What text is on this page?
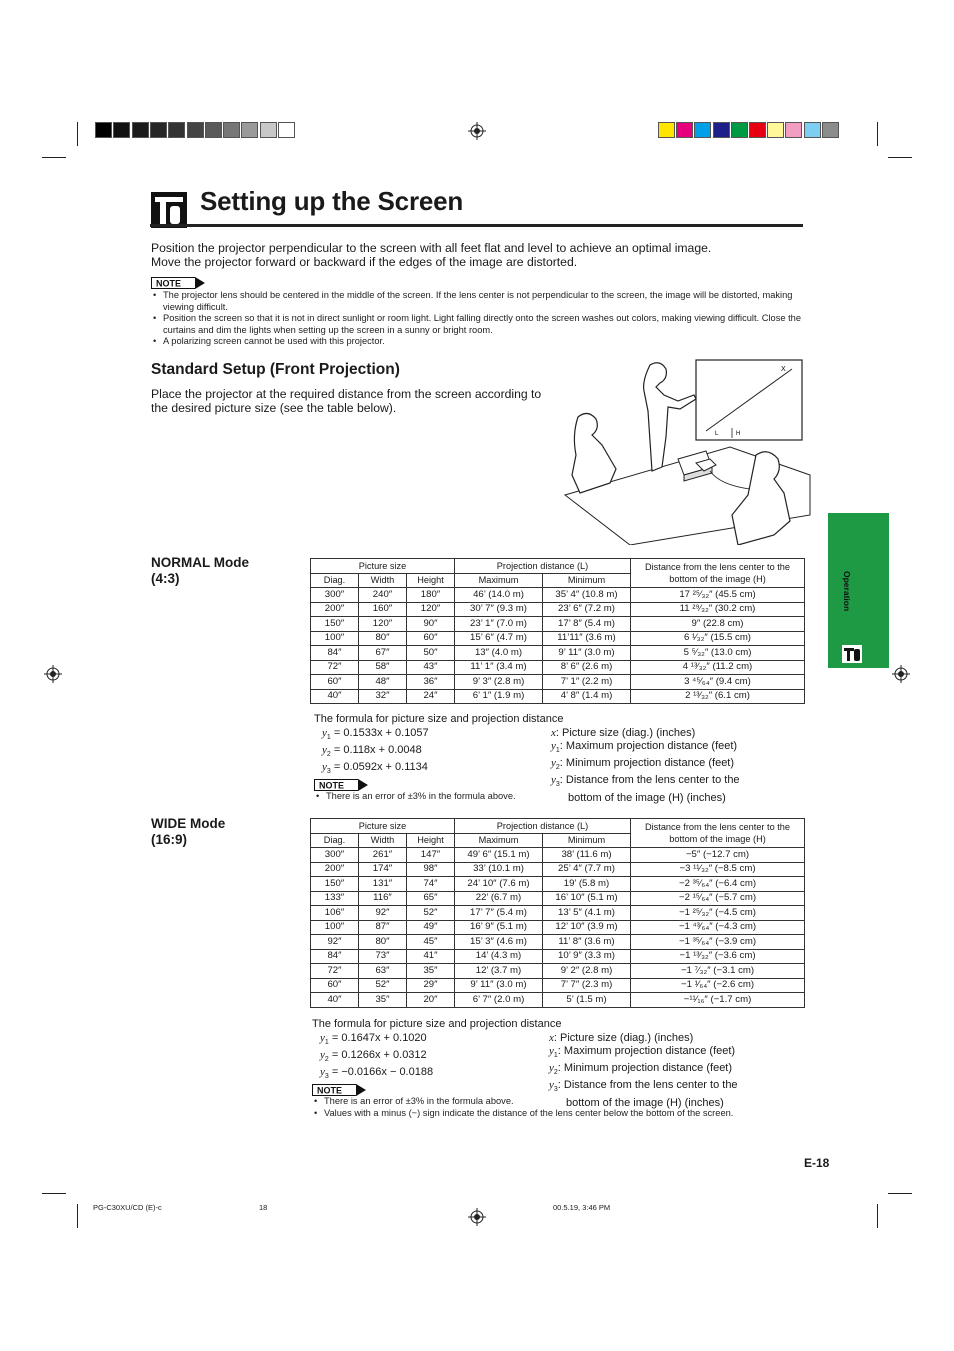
Setting up the Screen
Position the projector perpendicular to the screen with all feet flat and level to achieve an optimal image.
Move the projector forward or backward if the edges of the image are distorted.
NOTE
• The projector lens should be centered in the middle of the screen. If the lens center is not perpendicular to the screen, the image will be distorted, making viewing difficult.
• Position the screen so that it is not in direct sunlight or room light. Light falling directly onto the screen washes out colors, making viewing difficult. Close the curtains and dim the lights when setting up the screen in a sunny or bright room.
• A polarizing screen cannot be used with this projector.
Standard Setup (Front Projection)
Place the projector at the required distance from the screen according to the desired picture size (see the table below).
X
L	H
NORMAL Mode
(4:3)
Picture size			Projection distance (L)		Distance from the lens center to the bottom of the image (H)
Diag.	Width	Height	Maximum	Minimum	
300″	240″	180″	46’ (14.0 m)	35’ 4″ (10.8 m)	17 ²⁵⁄₃₂″ (45.5 cm)
200″	160″	120″	30’ 7″ (9.3 m)	23’ 6″ (7.2 m)	11 ²⁹⁄₃₂″ (30.2 cm)
150″	120″	90″	23’ 1″ (7.0 m)	17’ 8″ (5.4 m)	9″ (22.8 cm)
100″	80″	60″	15’ 6″ (4.7 m)	11’11″ (3.6 m)	6 ¹⁄₃₂″ (15.5 cm)
84″	67″	50″	13″ (4.0 m)	9’ 11″ (3.0 m)	5 ⁵⁄₃₂″ (13.0 cm)
72″	58″	43″	11’ 1″ (3.4 m)	8’ 6″ (2.6 m)	4 ¹³⁄₃₂″ (11.2 cm)
60″	48″	36″	9’ 3″ (2.8 m)	7’ 1″ (2.2 m)	3 ⁴⁵⁄₆₄″ (9.4 cm)
40″	32″	24″	6’ 1″ (1.9 m)	4’ 8″ (1.4 m)	2 ¹³⁄₃₂″ (6.1 cm)
The formula for picture size and projection distance
$y_1 = 0.1533x + 0.1057$
$y_2 = 0.118x + 0.0048$
$y_3 = 0.0592x + 0.1134$
x: Picture size (diag.) (inches)
$y_1$: Maximum projection distance (feet)
$y_2$: Minimum projection distance (feet)
$y_3$: Distance from the lens center to the
bottom of the image (H) (inches)
NOTE
• There is an error of ±3% in the formula above.
WIDE Mode
(16:9)
Picture size			Projection distance (L)		Distance from the lens center to the bottom of the image (H)
Diag.	Width	Height	Maximum	Minimum	
300″	261″	147″	49’ 6″ (15.1 m)	38’ (11.6 m)	−5″ (−12.7 cm)
200″	174″	98″	33’ (10.1 m)	25’ 4″ (7.7 m)	−3 ¹¹⁄₃₂″ (−8.5 cm)
150″	131″	74″	24’ 10″ (7.6 m)	19’ (5.8 m)	−2 ³⁵⁄₆₄″ (−6.4 cm)
133″	116″	65″	22’ (6.7 m)	16’ 10″ (5.1 m)	−2 ¹⁵⁄₆₄″ (−5.7 cm)
106″	92″	52″	17’ 7″ (5.4 m)	13’ 5″ (4.1 m)	−1 ²⁵⁄₃₂″ (−4.5 cm)
100″	87″	49″	16’ 9″ (5.1 m)	12’ 10″ (3.9 m)	−1 ⁴³⁄₆₄″ (−4.3 cm)
92″	80″	45″	15’ 3″ (4.6 m)	11’ 8″ (3.6 m)	−1 ³⁵⁄₆₄″ (−3.9 cm)
84″	73″	41″	14’ (4.3 m)	10’ 9″ (3.3 m)	−1 ¹³⁄₃₂″ (−3.6 cm)
72″	63″	35″	12’ (3.7 m)	9’ 2″ (2.8 m)	−1 ⁷⁄₃₂″ (−3.1 cm)
60″	52″	29″	9’ 11″ (3.0 m)	7’ 7″ (2.3 m)	−1 ¹⁄₆₄″ (−2.6 cm)
40″	35″	20″	6’ 7″ (2.0 m)	5’ (1.5 m)	−¹¹⁄₁₆″ (−1.7 cm)
The formula for picture size and projection distance
$y_1 = 0.1647x + 0.1020$
$y_2 = 0.1266x + 0.0312$
$y_3 = -0.0166x - 0.0188$
x: Picture size (diag.) (inches)
$y_1$: Maximum projection distance (feet)
$y_2$: Minimum projection distance (feet)
$y_3$: Distance from the lens center to the
bottom of the image (H) (inches)
NOTE
• There is an error of ±3% in the formula above.
• Values with a minus (−) sign indicate the distance of the lens center below the bottom of the screen.
Operation
E-18
PG-C30XU/CD (E)-c	18	00.5.19, 3:46 PM
